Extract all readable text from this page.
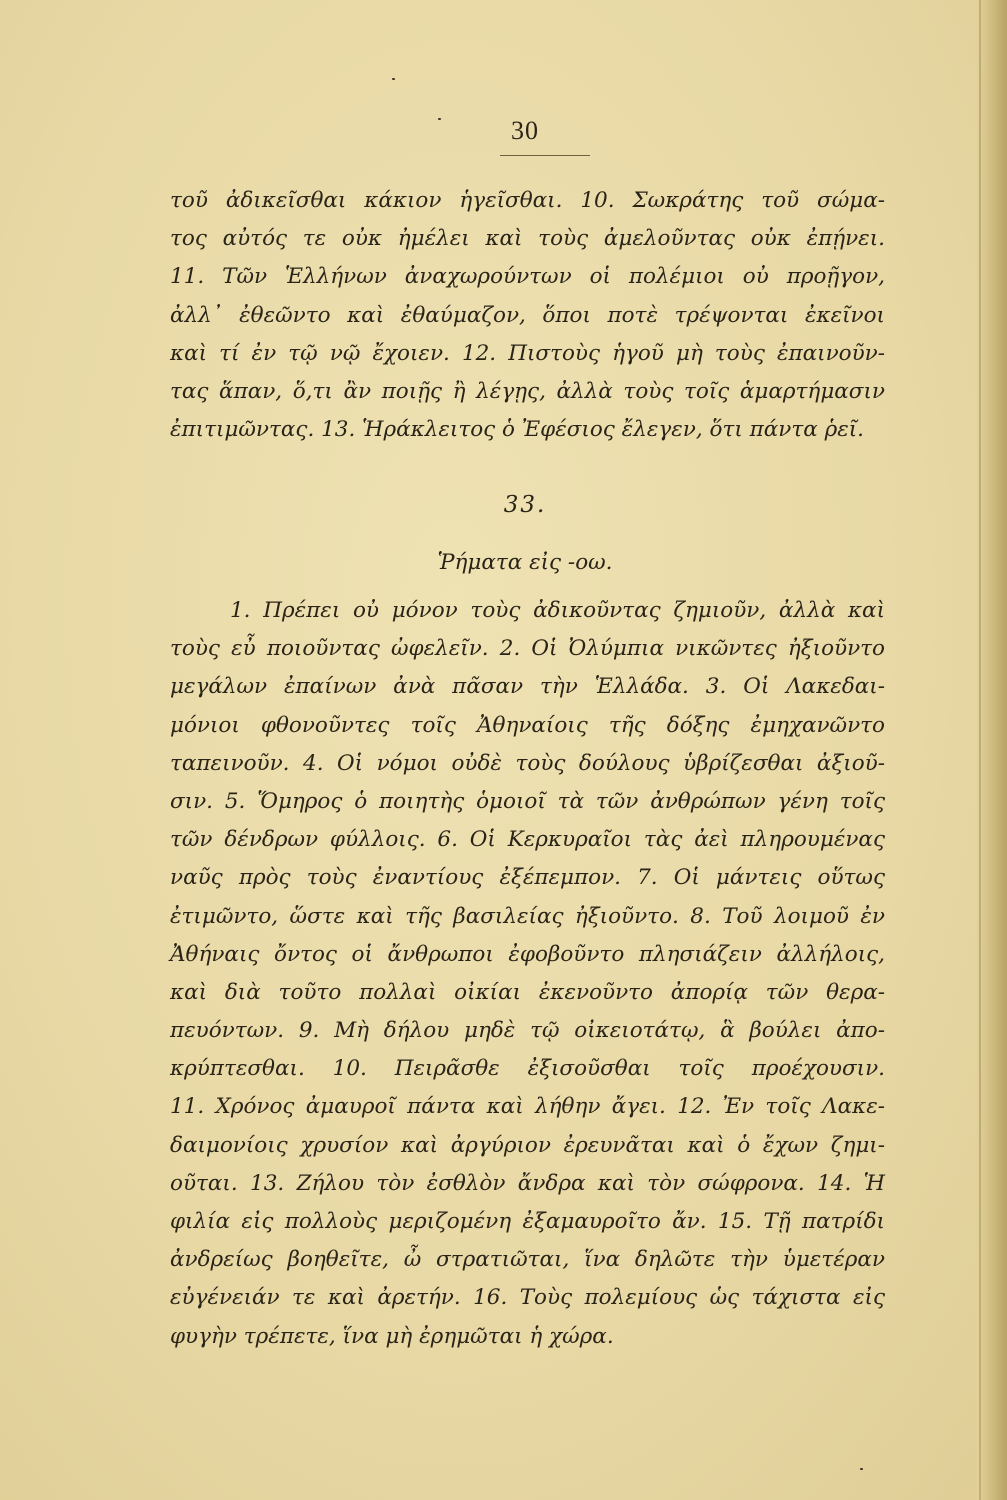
30
τοῦ ἀδικεῖσθαι κάκιον ἡγεῖσθαι. 10. Σωκράτης τοῦ σώμα-
τος αὐτός τε οὐκ ἠμέλει καὶ τοὺς ἀμελοῦντας οὐκ ἐπῄνει.
11. Τῶν Ἑλλήνων ἀναχωρούντων οἱ πολέμιοι οὐ προῇγον,
ἀλλ᾽ ἐθεῶντο καὶ ἐθαύμαζον, ὅποι ποτὲ τρέψονται ἐκεῖνοι
καὶ τί ἐν τῷ νῷ ἔχοιεν. 12. Πιστοὺς ἡγοῦ μὴ τοὺς ἐπαινοῦν-
τας ἅπαν, ὅ,τι ἂν ποιῇς ἢ λέγῃς, ἀλλὰ τοὺς τοῖς ἁμαρτήμασιν
ἐπιτιμῶντας. 13. Ἡράκλειτος ὁ Ἐφέσιος ἔλεγεν, ὅτι πάντα ῥεῖ.
33.
Ῥήματα εἰς -οω.
1. Πρέπει οὐ μόνον τοὺς ἀδικοῦντας ζημιοῦν, ἀλλὰ καὶ
τοὺς εὖ ποιοῦντας ὠφελεῖν. 2. Οἱ Ὀλύμπια νικῶντες ἠξιοῦντο
μεγάλων ἐπαίνων ἀνὰ πᾶσαν τὴν Ἑλλάδα. 3. Οἱ Λακεδαι-
μόνιοι φθονοῦντες τοῖς Ἀθηναίοις τῆς δόξης ἐμηχανῶντο
ταπεινοῦν. 4. Οἱ νόμοι οὐδὲ τοὺς δούλους ὑβρίζεσθαι ἀξιοῦ-
σιν. 5. Ὅμηρος ὁ ποιητὴς ὁμοιοῖ τὰ τῶν ἀνθρώπων γένη τοῖς
τῶν δένδρων φύλλοις. 6. Οἱ Κερκυραῖοι τὰς ἀεὶ πληρουμένας
ναῦς πρὸς τοὺς ἐναντίους ἐξέπεμπον. 7. Οἱ μάντεις οὕτως
ἐτιμῶντο, ὥστε καὶ τῆς βασιλείας ἠξιοῦντο. 8. Τοῦ λοιμοῦ ἐν
Ἀθήναις ὄντος οἱ ἄνθρωποι ἐφοβοῦντο πλησιάζειν ἀλλήλοις,
καὶ διὰ τοῦτο πολλαὶ οἰκίαι ἐκενοῦντο ἀπορίᾳ τῶν θερα-
πευόντων. 9. Μὴ δήλου μηδὲ τῷ οἰκειοτάτῳ, ἃ βούλει ἀπο-
κρύπτεσθαι. 10. Πειρᾶσθε ἐξισοῦσθαι τοῖς προέχουσιν.
11. Χρόνος ἀμαυροῖ πάντα καὶ λήθην ἄγει. 12. Ἐν τοῖς Λακε-
δαιμονίοις χρυσίον καὶ ἀργύριον ἐρευνᾶται καὶ ὁ ἔχων ζημι-
οῦται. 13. Ζήλου τὸν ἐσθλὸν ἄνδρα καὶ τὸν σώφρονα. 14. Ἡ
φιλία εἰς πολλοὺς μεριζομένη ἐξαμαυροῖτο ἄν. 15. Τῇ πατρίδι
ἀνδρείως βοηθεῖτε, ὦ στρατιῶται, ἵνα δηλῶτε τὴν ὑμετέραν
εὐγένειάν τε καὶ ἀρετήν. 16. Τοὺς πολεμίους ὡς τάχιστα εἰς
φυγὴν τρέπετε, ἵνα μὴ ἐρημῶται ἡ χώρα.
